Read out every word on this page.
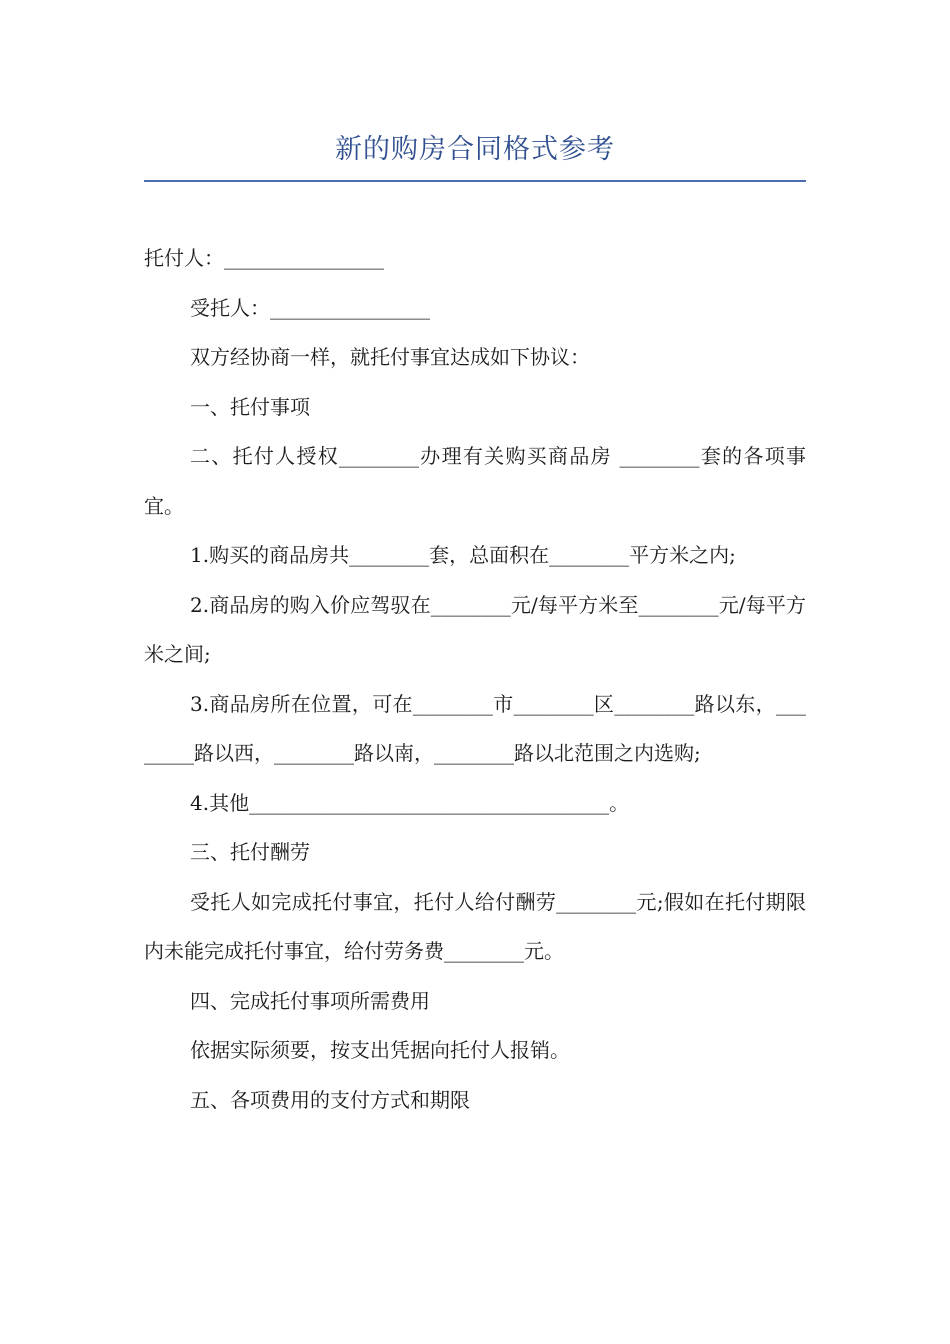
新的购房合同格式参考

托付人：________________

受托人：________________

双方经协商一样，就托付事宜达成如下协议：

一、托付事项

二、托付人授权________办理有关购买商品房 ________套的各项事宜。

1.购买的商品房共________套，总面积在________平方米之内;

2.商品房的购入价应驾驭在________元/每平方米至________元/每平方米之间;

3.商品房所在位置，可在________市________区________路以东，________路以西，________路以南，________路以北范围之内选购;

4.其他____________________________________。

三、托付酬劳

受托人如完成托付事宜，托付人给付酬劳________元;假如在托付期限内未能完成托付事宜，给付劳务费________元。

四、完成托付事项所需费用

依据实际须要，按支出凭据向托付人报销。

五、各项费用的支付方式和期限
